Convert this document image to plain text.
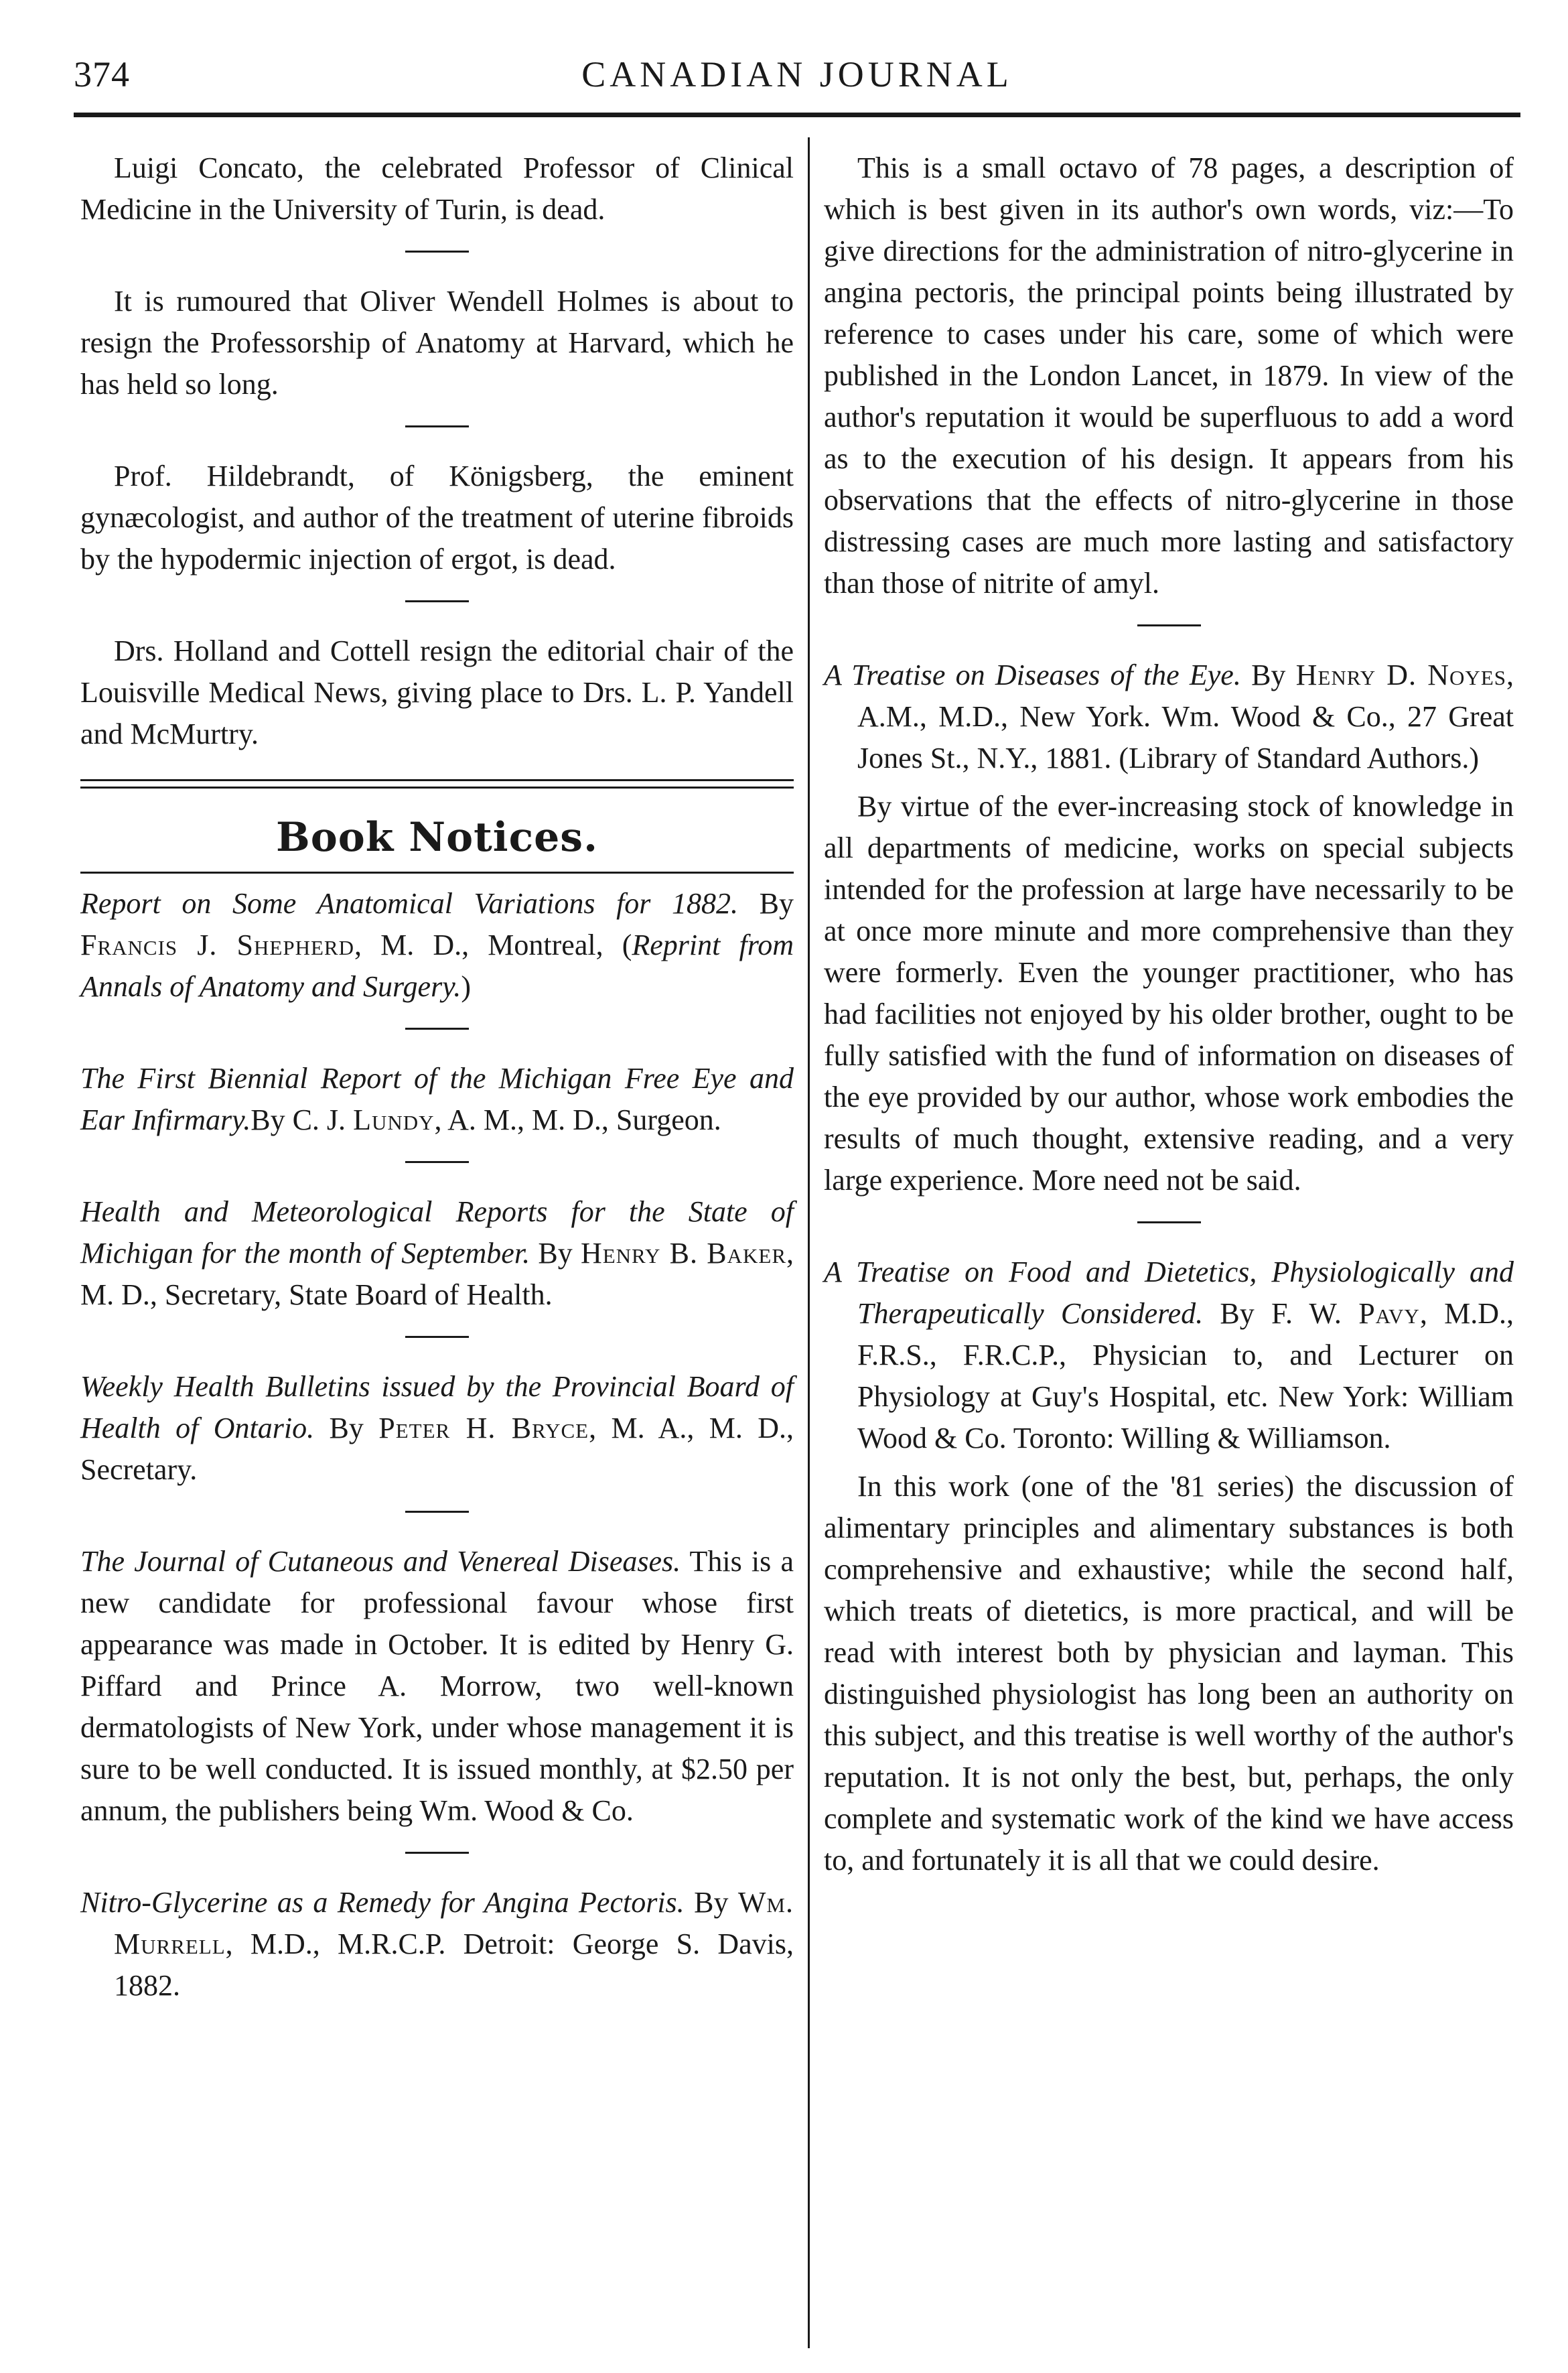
374	CANADIAN JOURNAL

Luigi Concato, the celebrated Professor of Clinical Medicine in the University of Turin, is dead.

It is rumoured that Oliver Wendell Holmes is about to resign the Professorship of Anatomy at Harvard, which he has held so long.

Prof. Hildebrandt, of Königsberg, the eminent gynæcologist, and author of the treatment of uterine fibroids by the hypodermic injection of ergot, is dead.

Drs. Holland and Cottell resign the editorial chair of the Louisville Medical News, giving place to Drs. L. P. Yandell and McMurtry.

Book Notices.

Report on Some Anatomical Variations for 1882. By Francis J. Shepherd, M. D., Montreal, (Reprint from Annals of Anatomy and Surgery.)

The First Biennial Report of the Michigan Free Eye and Ear Infirmary.By C. J. Lundy, A. M., M. D., Surgeon.

Health and Meteorological Reports for the State of Michigan for the month of September. By Henry B. Baker, M. D., Secretary, State Board of Health.

Weekly Health Bulletins issued by the Provincial Board of Health of Ontario. By Peter H. Bryce, M. A., M. D., Secretary.

The Journal of Cutaneous and Venereal Diseases. This is a new candidate for professional favour whose first appearance was made in October. It is edited by Henry G. Piffard and Prince A. Morrow, two well-known dermatologists of New York, under whose management it is sure to be well conducted. It is issued monthly, at $2.50 per annum, the publishers being Wm. Wood & Co.

Nitro-Glycerine as a Remedy for Angina Pectoris. By Wm. Murrell, M.D., M.R.C.P. Detroit: George S. Davis, 1882.

This is a small octavo of 78 pages, a description of which is best given in its author's own words, viz:—To give directions for the administration of nitro-glycerine in angina pectoris, the principal points being illustrated by reference to cases under his care, some of which were published in the London Lancet, in 1879. In view of the author's reputation it would be superfluous to add a word as to the execution of his design. It appears from his observations that the effects of nitro-glycerine in those distressing cases are much more lasting and satisfactory than those of nitrite of amyl.

A Treatise on Diseases of the Eye. By Henry D. Noyes, A.M., M.D., New York. Wm. Wood & Co., 27 Great Jones St., N.Y., 1881. (Library of Standard Authors.)

By virtue of the ever-increasing stock of knowledge in all departments of medicine, works on special subjects intended for the profession at large have necessarily to be at once more minute and more comprehensive than they were formerly. Even the younger practitioner, who has had facilities not enjoyed by his older brother, ought to be fully satisfied with the fund of information on diseases of the eye provided by our author, whose work embodies the results of much thought, extensive reading, and a very large experience. More need not be said.

A Treatise on Food and Dietetics, Physiologically and Therapeutically Considered. By F. W. Pavy, M.D., F.R.S., F.R.C.P., Physician to, and Lecturer on Physiology at Guy's Hospital, etc. New York: William Wood & Co. Toronto: Willing & Williamson.

In this work (one of the '81 series) the discussion of alimentary principles and alimentary substances is both comprehensive and exhaustive; while the second half, which treats of dietetics, is more practical, and will be read with interest both by physician and layman. This distinguished physiologist has long been an authority on this subject, and this treatise is well worthy of the author's reputation. It is not only the best, but, perhaps, the only complete and systematic work of the kind we have access to, and fortunately it is all that we could desire.
